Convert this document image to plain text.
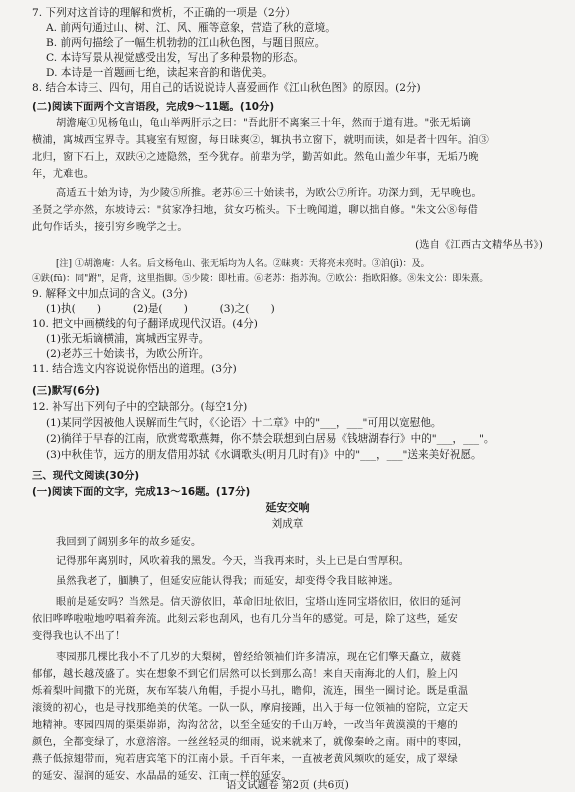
7. 下列对这首诗的理解和赏析，不正确的一项是（2分）
A. 前两句通过山、树、江、风、雁等意象，营造了秋的意境。
B. 前两句描绘了一幅生机勃勃的江山秋色图，与题目照应。
C. 本诗写景从视觉感受出发，写出了多种景物的形态。
D. 本诗是一首题画七绝，读起来音韵和谐优美。
8. 结合本诗三、四句，用自己的话说说诗人喜爱画作《江山秋色图》的原因。(2分)
(二)阅读下面两个文言语段，完成9～11题。(10分)
胡澹庵①见杨龟山，龟山举两肝示之曰："吾此肝不离案三十年，然而于道有进。"张无垢谪
横浦，寓城西宝界寺。其寝室有短窗，每日昧爽②，辄执书立窗下，就明而读，如是者十四年。洎③
北归，窗下石上，双趺④之迹隐然，至今犹存。前辈为学，勤苦如此。然龟山盖少年事，无垢乃晚
年，尤难也。
高适五十始为诗，为少陵⑤所推。老苏⑥三十始读书，为欧公⑦所许。功深力到，无早晚也。
圣贤之学亦然，东坡诗云："贫家净扫地，贫女巧梳头。下士晚闻道，聊以拙自修。"朱文公⑧每借
此句作话头，接引穷乡晚学之士。
(选自《江西古文精华丛书》)
[注] ①胡澹庵：人名。后文杨龟山、张无垢均为人名。②昧爽：天将亮未亮时。③洎(jì)：及。
④趺(fū)：同"跗"，足背，这里指脚。⑤少陵：即杜甫。⑥老苏：指苏洵。⑦欧公：指欧阳修。⑧朱文公：即朱熹。
9. 解释文中加点词的含义。(3分)
(1)执(　　)　　　(2)是(　　)　　　(3)之(　　)
10. 把文中画横线的句子翻译成现代汉语。(4分)
(1)张无垢谪横浦，寓城西宝界寺。
(2)老苏三十始读书，为欧公所许。
11. 结合选文内容说说你悟出的道理。(3分)
(三)默写(6分)
12. 补写出下列句子中的空缺部分。(每空1分)
(1)某同学因被他人误解而生气时，《〈论语〉十二章》中的"___，___"可用以宽慰他。
(2)徜徉于早春的江南，欣赏莺歌燕舞，你不禁会联想到白居易《钱塘湖春行》中的"___，___"。
(3)中秋佳节，远方的朋友借用苏轼《水调歌头(明月几时有)》中的"___，___"送来美好祝愿。
三、现代文阅读(30分)
(一)阅读下面的文字，完成13～16题。(17分)
延安交响
刘成章
我回到了阔别多年的故乡延安。
记得那年离别时，风吹着我的黑发。今天，当我再来时，头上已是白雪厚积。
虽然我老了，腼腆了，但延安应能认得我；而延安，却变得令我目眩神迷。
眼前是延安吗？当然是。信天游依旧，革命旧址依旧，宝塔山连同宝塔依旧，依旧的延河
依旧哗哗啦啦地哼唱着奔流。此刻云彩也刮风，也有几分当年的感觉。可是，除了这些，延安
变得我也认不出了！
枣园那几棵比我小不了几岁的大梨树，曾经给领袖们许多清凉，现在它们擎天矗立，葳蕤
郁郁，越长越茂盛了。实在想象不到它们居然可以长到那么高！来自天南海北的人们，脸上闪
烁着梨叶间撒下的光斑，灰布军装八角帽，手提小马扎，瞻仰，流连，围坐一圈讨论。既是重温
滚烫的初心，也是寻找那绝美的伏笔。一队一队，摩肩接踵，出入于每一位领袖的窑院，立定天
地精神。枣园四周的渠渠峁峁，沟沟岔岔，以至全延安的千山万岭，一改当年黄漠漠的干瘪的
颜色，全都变绿了，水意溶溶。一丝丝轻灵的细雨，说来就来了，就像秦岭之南。雨中的枣园，
燕子低掠翅带而，宛若唐宾笔下的江南小景。千百年来，一直被老黄风频吹的延安，成了翠绿
的延安、湿润的延安、水晶晶的延安、江南一样的延安。
语文试题卷 第2页 (共6页)
